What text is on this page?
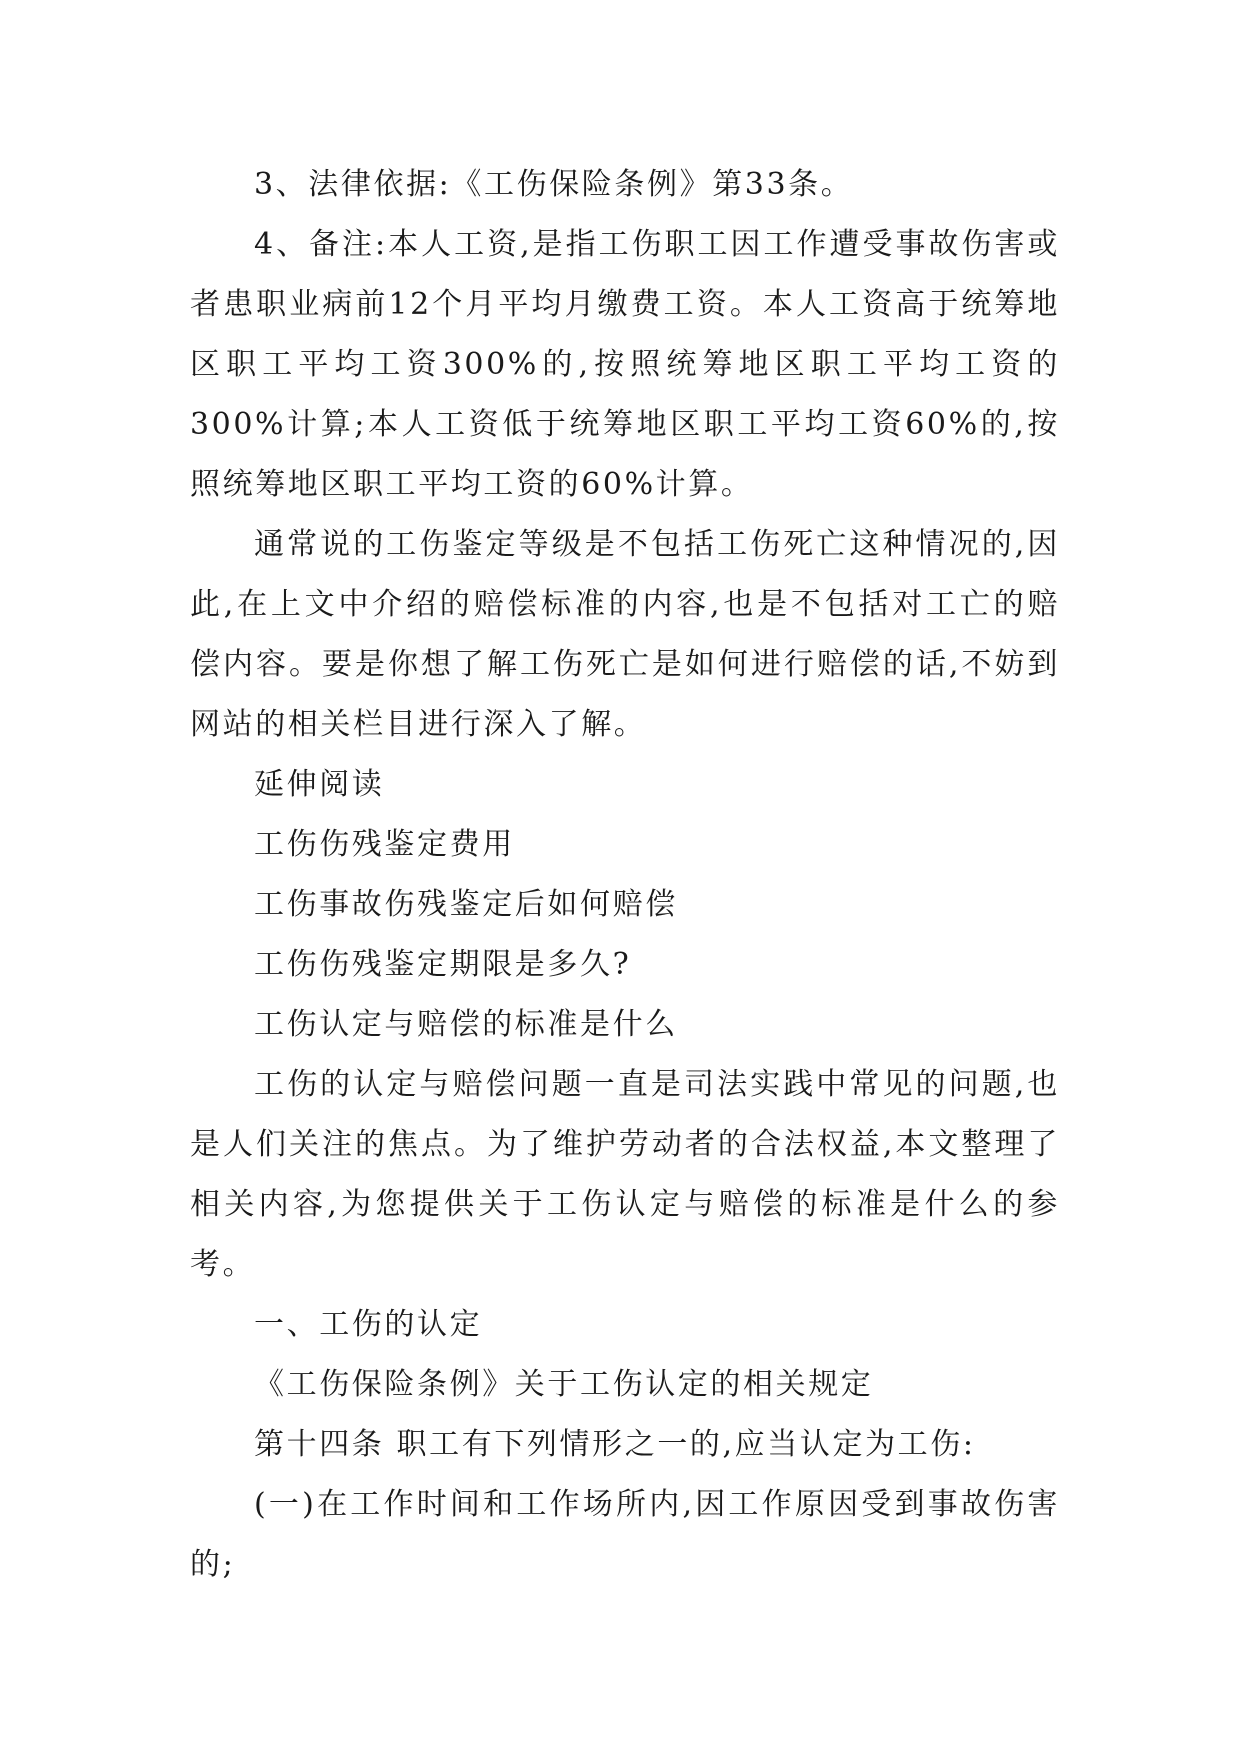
3、法律依据:《工伤保险条例》第33条。

4、备注:本人工资,是指工伤职工因工作遭受事故伤害或者患职业病前12个月平均月缴费工资。本人工资高于统筹地区职工平均工资300%的,按照统筹地区职工平均工资的300%计算;本人工资低于统筹地区职工平均工资60%的,按照统筹地区职工平均工资的60%计算。

通常说的工伤鉴定等级是不包括工伤死亡这种情况的,因此,在上文中介绍的赔偿标准的内容,也是不包括对工亡的赔偿内容。要是你想了解工伤死亡是如何进行赔偿的话,不妨到网站的相关栏目进行深入了解。

延伸阅读

工伤伤残鉴定费用

工伤事故伤残鉴定后如何赔偿

工伤伤残鉴定期限是多久?

工伤认定与赔偿的标准是什么

工伤的认定与赔偿问题一直是司法实践中常见的问题,也是人们关注的焦点。为了维护劳动者的合法权益,本文整理了相关内容,为您提供关于工伤认定与赔偿的标准是什么的参考。

一、工伤的认定

《工伤保险条例》关于工伤认定的相关规定

第十四条 职工有下列情形之一的,应当认定为工伤:

(一)在工作时间和工作场所内,因工作原因受到事故伤害的;
